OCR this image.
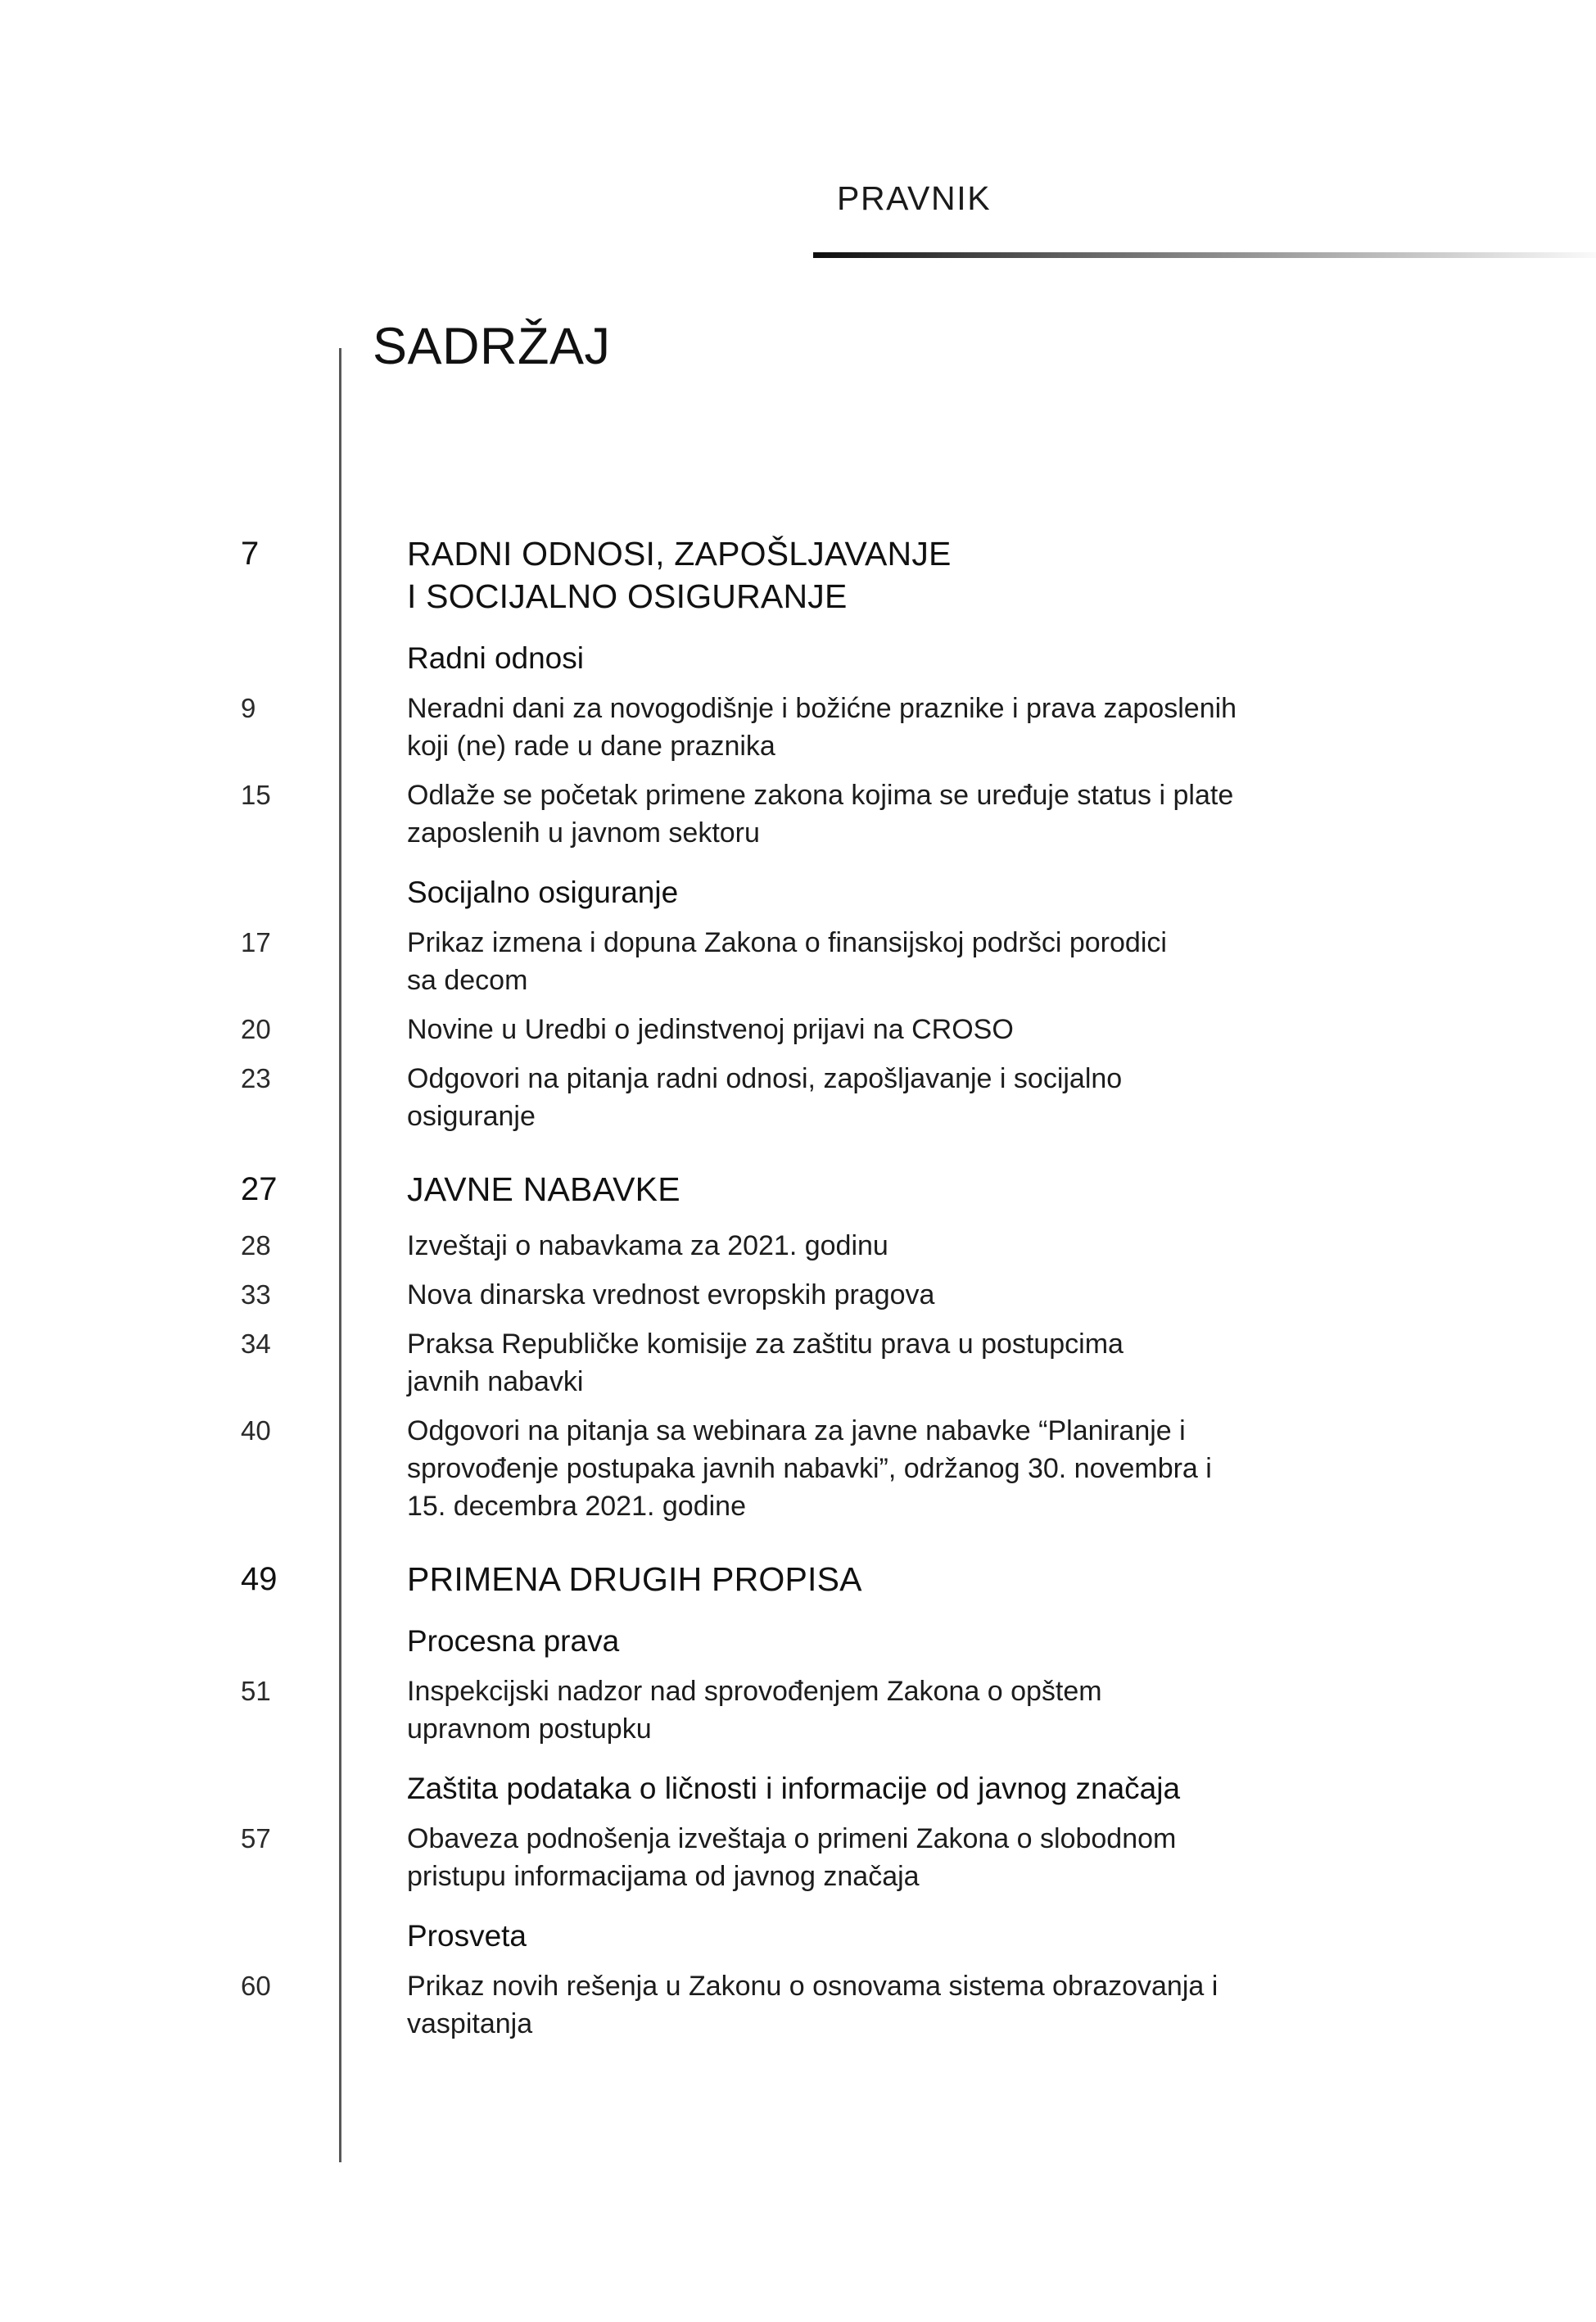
PRAVNIK
SADRŽAJ
7	RADNI ODNOSI, ZAPOŠLJAVANJE
I SOCIJALNO OSIGURANJE
Radni odnosi
9	Neradni dani za novogodišnje i božićne praznike i prava zaposlenih
koji (ne) rade u dane praznika
15	Odlaže se početak primene zakona kojima se uređuje status i plate
zaposlenih u javnom sektoru
Socijalno osiguranje
17	Prikaz izmena i dopuna Zakona o finansijskoj podršci porodici
sa decom
20	Novine u Uredbi o jedinstvenoj prijavi na CROSO
23	Odgovori na pitanja radni odnosi, zapošljavanje i socijalno
osiguranje
27	JAVNE NABAVKE
28	Izveštaji o nabavkama za 2021. godinu
33	Nova dinarska vrednost evropskih pragova
34	Praksa Republičke komisije za zaštitu prava u postupcima
javnih nabavki
40	Odgovori na pitanja sa webinara za javne nabavke “Planiranje i
sprovođenje postupaka javnih nabavki”, održanog 30. novembra i
15. decembra 2021. godine
49	PRIMENA DRUGIH PROPISA
Procesna prava
51	Inspekcijski nadzor nad sprovođenjem Zakona o opštem
upravnom postupku
Zaštita podataka o ličnosti i informacije od javnog značaja
57	Obaveza podnošenja izveštaja o primeni Zakona o slobodnom
pristupu informacijama od javnog značaja
Prosveta
60	Prikaz novih rešenja u Zakonu o osnovama sistema obrazovanja i
vaspitanja
